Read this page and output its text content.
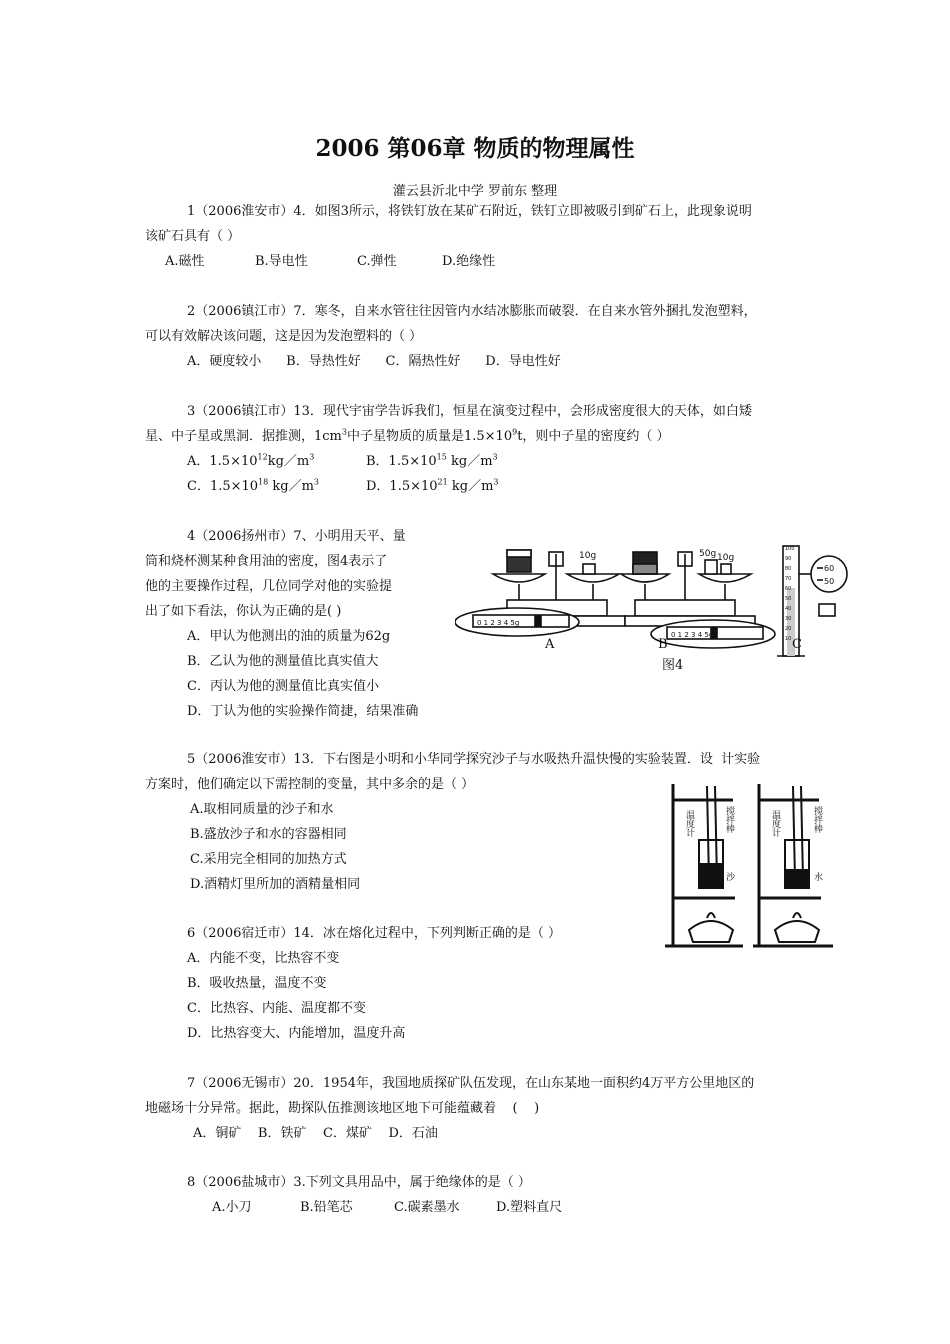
2006 第06章 物质的物理属性
灌云县沂北中学 罗前东 整理
1（2006淮安市）4．如图3所示，将铁钉放在某矿石附近，铁钉立即被吸引到矿石上，此现象说明
该矿石具有（ ）
A.磁性	B.导电性	C.弹性	D.绝缘性
2（2006镇江市）7．寒冬，自来水管往往因管内水结冰膨胀而破裂．在自来水管外捆扎发泡塑料，
可以有效解决该问题，这是因为发泡塑料的（ ）
A．硬度较小      B．导热性好      C．隔热性好      D．导电性好
3（2006镇江市）13．现代宇宙学告诉我们，恒星在演变过程中，会形成密度很大的天体，如白矮
星、中子星或黑洞．据推测，$1cm^3$中子星物质的质量是$1.5\times 10^9t$，则中子星的密度约（ ）
A．$1.5\times 10^{12}kg/m^3$	B．$1.5\times 10^{15}$ $kg/m^3$
C．$1.5\times 10^{18}$ $kg/m^3$	D．$1.5\times 10^{21}$ $kg/m^3$
4（2006扬州市）7、小明用天平、量
筒和烧杯测某种食用油的密度，图4表示了
他的主要操作过程，几位同学对他的实验提
出了如下看法，你认为正确的是( )
A．甲认为他测出的油的质量为62g
B．乙认为他的测量值比真实值大
C．丙认为他的测量值比真实值小
D．丁认为他的实验操作简捷，结果准确
10g	50g 10g
0 1 2 3 4 5g
0 1 2 3 4 5g
100 90 80 70 60 50 40 30 20 10
60
50
A	B	C
图4
5（2006淮安市）13．下右图是小明和小华同学探究沙子与水吸热升温快慢的实验装置．设  计实验
方案时，他们确定以下需控制的变量，其中多余的是（ ）
A.取相同质量的沙子和水
B.盛放沙子和水的容器相同
C.采用完全相同的加热方式
D.酒精灯里所加的酒精量相同
温度计	搅拌棒
沙
温度计	搅拌棒
水
6（2006宿迁市）14．冰在熔化过程中，下列判断正确的是（ ）
A．内能不变，比热容不变
B．吸收热量，温度不变
C．比热容、内能、温度都不变
D．比热容变大、内能增加，温度升高
7（2006无锡市）20．1954年，我国地质探矿队伍发现，在山东某地一面积约4万平方公里地区的
地磁场十分异常。据此，勘探队伍推测该地区地下可能蕴藏着    (    )
A．铜矿    B．铁矿    C．煤矿    D．石油
8（2006盐城市）3.下列文具用品中，属于绝缘体的是（ ）
A.小刀	B.铅笔芯	C.碳素墨水	D.塑料直尺
